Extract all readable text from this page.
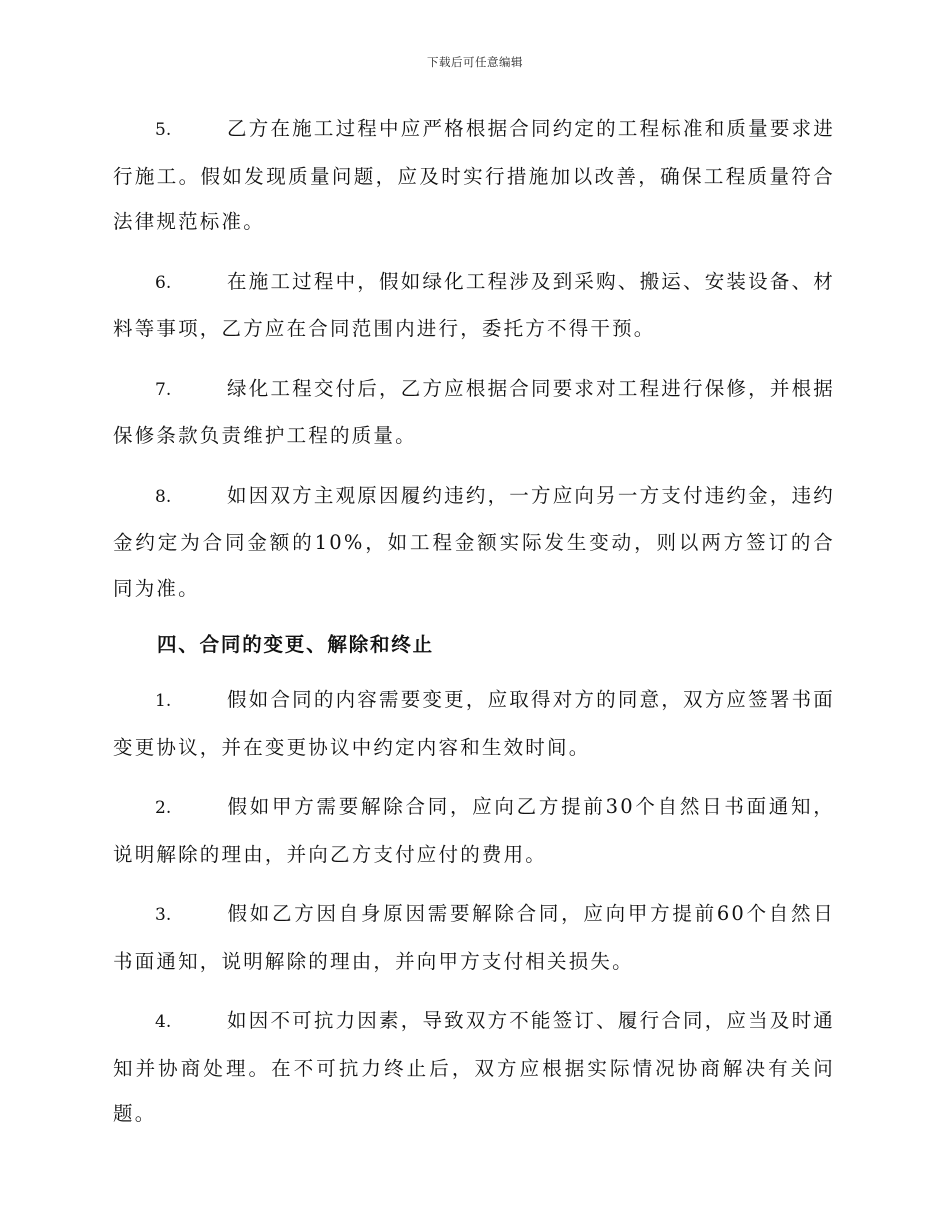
下载后可任意编辑
5.	乙方在施工过程中应严格根据合同约定的工程标准和质量要求进行施工。假如发现质量问题，应及时实行措施加以改善，确保工程质量符合法律规范标准。
6.	在施工过程中，假如绿化工程涉及到采购、搬运、安装设备、材料等事项，乙方应在合同范围内进行，委托方不得干预。
7.	绿化工程交付后，乙方应根据合同要求对工程进行保修，并根据保修条款负责维护工程的质量。
8.	如因双方主观原因履约违约，一方应向另一方支付违约金，违约金约定为合同金额的10%，如工程金额实际发生变动，则以两方签订的合同为准。
四、合同的变更、解除和终止
1.	假如合同的内容需要变更，应取得对方的同意，双方应签署书面变更协议，并在变更协议中约定内容和生效时间。
2.	假如甲方需要解除合同，应向乙方提前30个自然日书面通知，说明解除的理由，并向乙方支付应付的费用。
3.	假如乙方因自身原因需要解除合同，应向甲方提前60个自然日书面通知，说明解除的理由，并向甲方支付相关损失。
4.	如因不可抗力因素，导致双方不能签订、履行合同，应当及时通知并协商处理。在不可抗力终止后，双方应根据实际情况协商解决有关问题。
